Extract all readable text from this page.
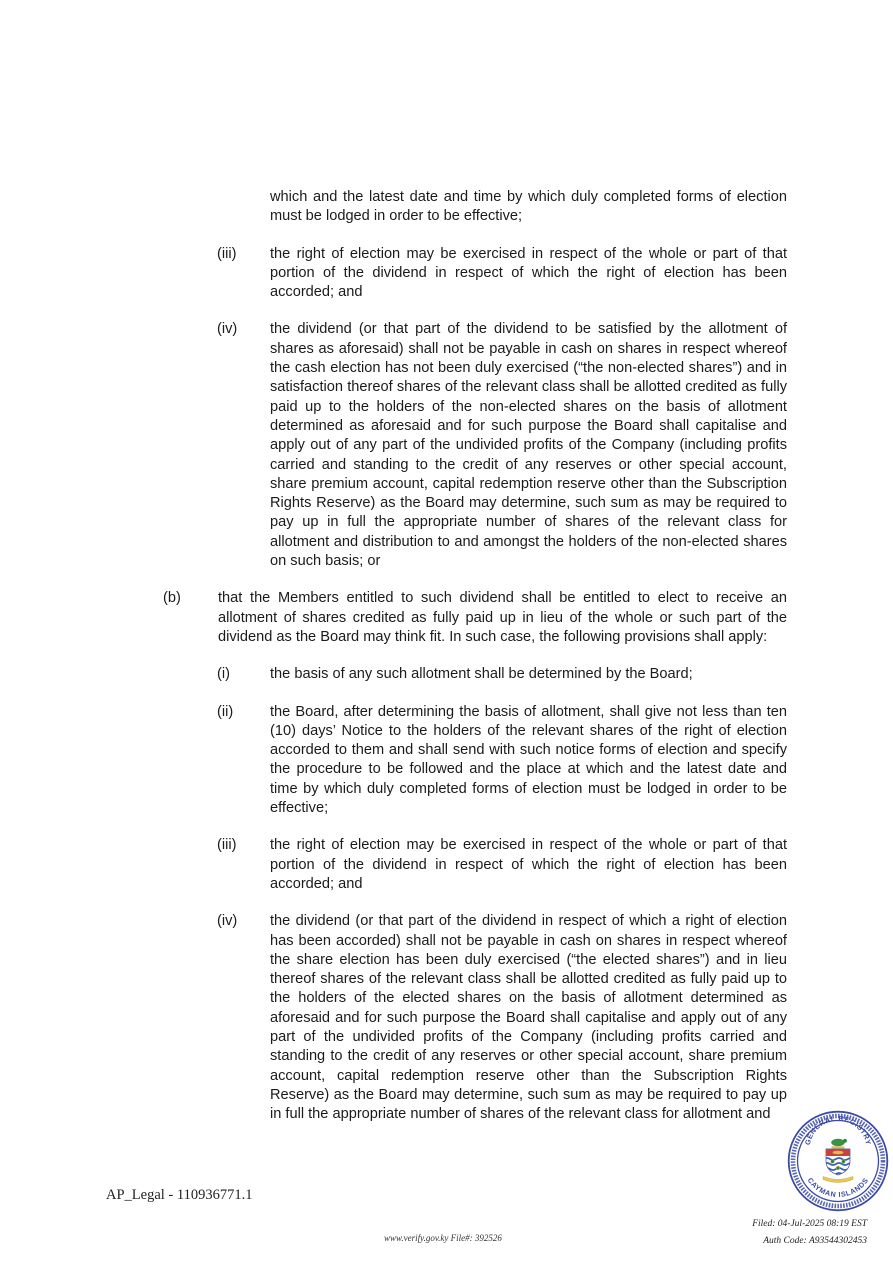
which and the latest date and time by which duly completed forms of election must be lodged in order to be effective;
(iii)	the right of election may be exercised in respect of the whole or part of that portion of the dividend in respect of which the right of election has been accorded; and
(iv)	the dividend (or that part of the dividend to be satisfied by the allotment of shares as aforesaid) shall not be payable in cash on shares in respect whereof the cash election has not been duly exercised (“the non-elected shares”) and in satisfaction thereof shares of the relevant class shall be allotted credited as fully paid up to the holders of the non-elected shares on the basis of allotment determined as aforesaid and for such purpose the Board shall capitalise and apply out of any part of the undivided profits of the Company (including profits carried and standing to the credit of any reserves or other special account, share premium account, capital redemption reserve other than the Subscription Rights Reserve) as the Board may determine, such sum as may be required to pay up in full the appropriate number of shares of the relevant class for allotment and distribution to and amongst the holders of the non-elected shares on such basis; or
(b)	that the Members entitled to such dividend shall be entitled to elect to receive an allotment of shares credited as fully paid up in lieu of the whole or such part of the dividend as the Board may think fit. In such case, the following provisions shall apply:
(i)	the basis of any such allotment shall be determined by the Board;
(ii)	the Board, after determining the basis of allotment, shall give not less than ten (10) days’ Notice to the holders of the relevant shares of the right of election accorded to them and shall send with such notice forms of election and specify the procedure to be followed and the place at which and the latest date and time by which duly completed forms of election must be lodged in order to be effective;
(iii)	the right of election may be exercised in respect of the whole or part of that portion of the dividend in respect of which the right of election has been accorded; and
(iv)	the dividend (or that part of the dividend in respect of which a right of election has been accorded) shall not be payable in cash on shares in respect whereof the share election has been duly exercised (“the elected shares”) and in lieu thereof shares of the relevant class shall be allotted credited as fully paid up to the holders of the elected shares on the basis of allotment determined as aforesaid and for such purpose the Board shall capitalise and apply out of any part of the undivided profits of the Company (including profits carried and standing to the credit of any reserves or other special account, share premium account, capital redemption reserve other than the Subscription Rights Reserve) as the Board may determine, such sum as may be required to pay up in full the appropriate number of shares of the relevant class for allotment and
AP_Legal - 110936771.1
GENERAL REGISTRY
CAYMAN ISLANDS
www.verify.gov.ky File#: 392526
Filed: 04-Jul-2025 08:19 EST
Auth Code: A93544302453
